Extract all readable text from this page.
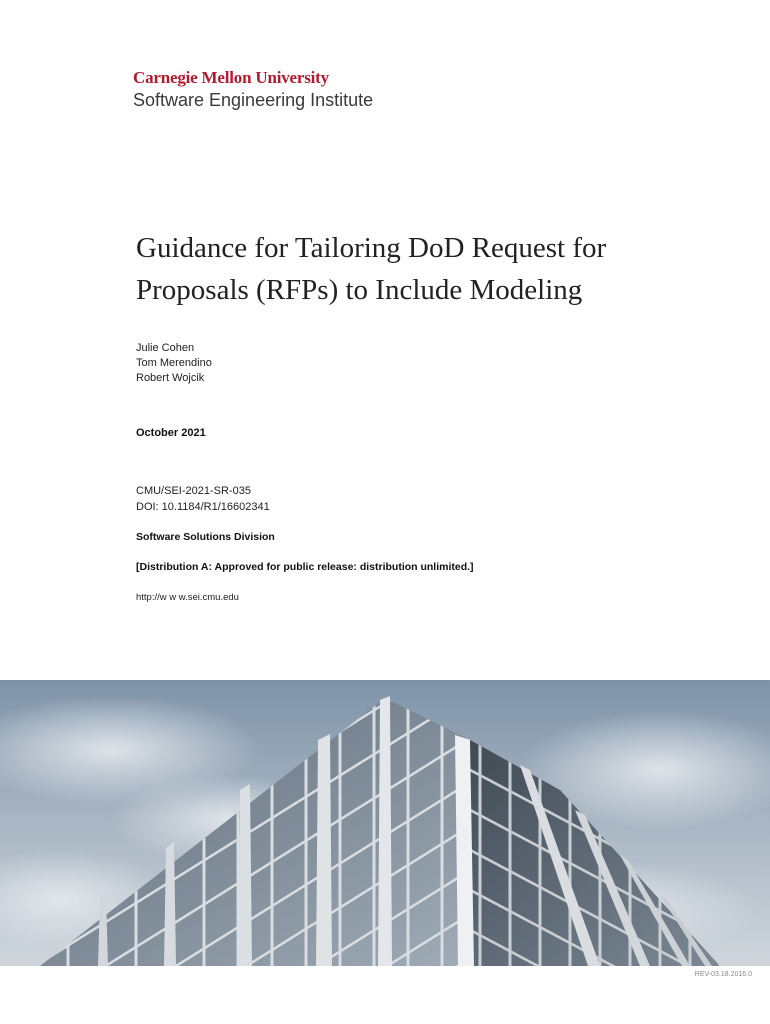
Carnegie Mellon University
Software Engineering Institute
Guidance for Tailoring DoD Request for
Proposals (RFPs) to Include Modeling
Julie Cohen
Tom Merendino
Robert Wojcik
October 2021
CMU/SEI-2021-SR-035
DOI: 10.1184/R1/16602341
Software Solutions Division
[Distribution A: Approved for public release: distribution unlimited.]
http://w w w.sei.cmu.edu
REV-03.18.2016.0
